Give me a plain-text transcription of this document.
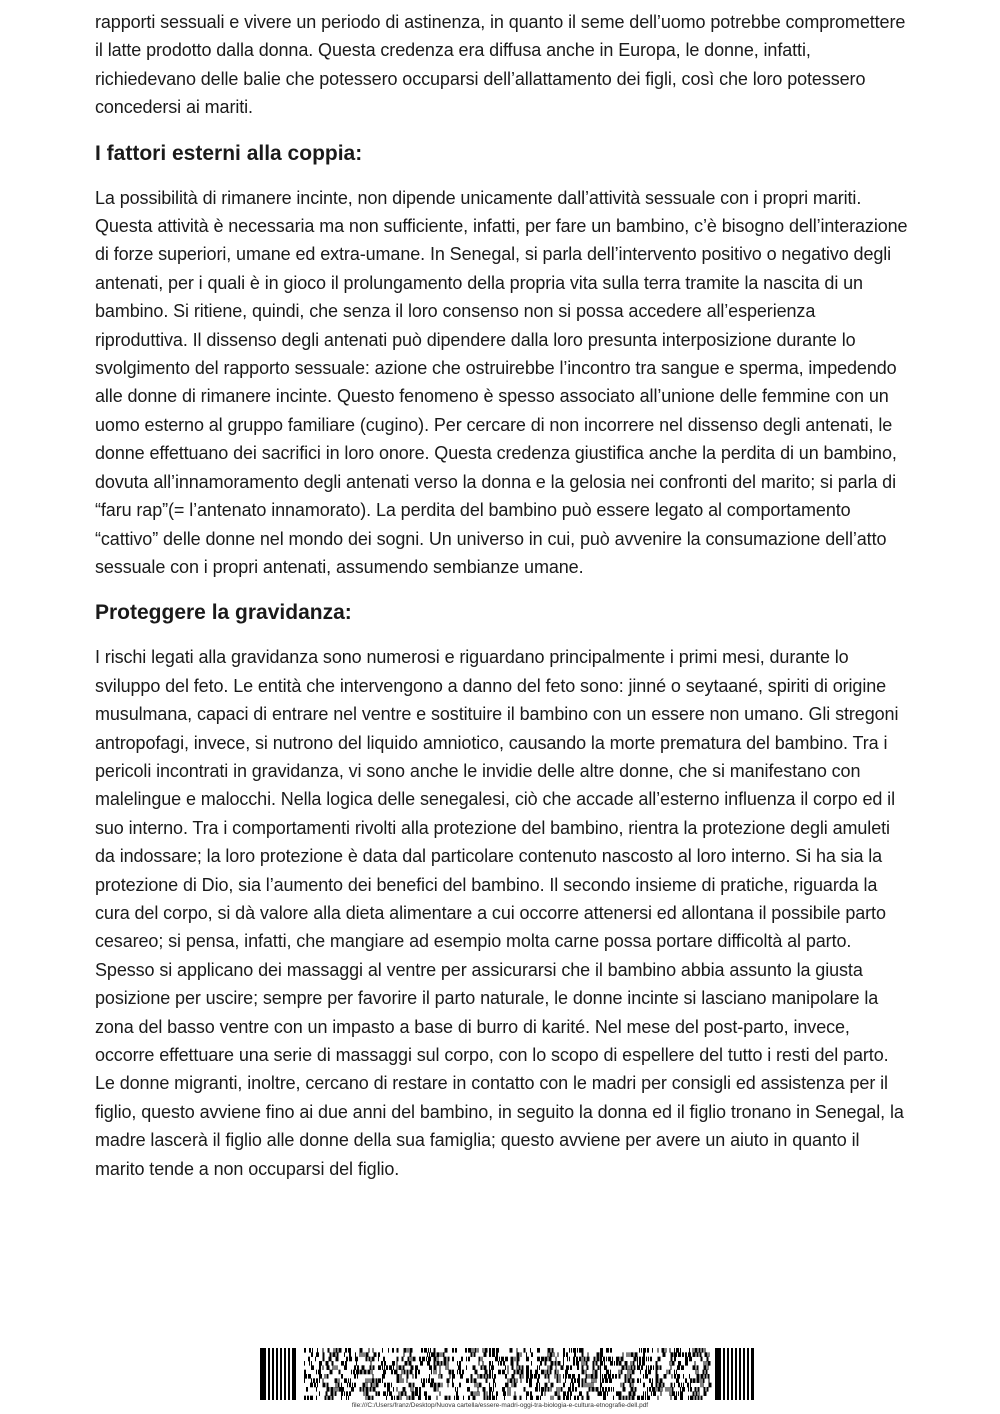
rapporti sessuali e vivere un periodo di astinenza, in quanto il seme dell’uomo potrebbe compromettere il latte prodotto dalla donna. Questa credenza era diffusa anche in Europa, le donne, infatti, richiedevano delle balie che potessero occuparsi dell’allattamento dei figli, così che loro potessero concedersi ai mariti.

I fattori esterni alla coppia:

La possibilità di rimanere incinte, non dipende unicamente dall’attività sessuale con i propri mariti. Questa attività è necessaria ma non sufficiente, infatti, per fare un bambino, c’è bisogno dell’interazione di forze superiori, umane ed extra-umane. In Senegal, si parla dell’intervento positivo o negativo degli antenati, per i quali è in gioco il prolungamento della propria vita sulla terra tramite la nascita di un bambino. Si ritiene, quindi, che senza il loro consenso non si possa accedere all’esperienza riproduttiva. Il dissenso degli antenati può dipendere dalla loro presunta interposizione durante lo svolgimento del rapporto sessuale: azione che ostruirebbe l’incontro tra sangue e sperma, impedendo alle donne di rimanere incinte. Questo fenomeno è spesso associato all’unione delle femmine con un uomo esterno al gruppo familiare (cugino). Per cercare di non incorrere nel dissenso degli antenati, le donne effettuano dei sacrifici in loro onore. Questa credenza giustifica anche la perdita di un bambino, dovuta all’innamoramento degli antenati verso la donna e la gelosia nei confronti del marito; si parla di “faru rap”(= l’antenato innamorato). La perdita del bambino può essere legato al comportamento “cattivo” delle donne nel mondo dei sogni. Un universo in cui, può avvenire la consumazione dell’atto sessuale con i propri antenati, assumendo sembianze umane.

Proteggere la gravidanza:

I rischi legati alla gravidanza sono numerosi e riguardano principalmente i primi mesi, durante lo sviluppo del feto. Le entità che intervengono a danno del feto sono: jinné o seytaané, spiriti di origine musulmana, capaci di entrare nel ventre e sostituire il bambino con un essere non umano. Gli stregoni antropofagi, invece, si nutrono del liquido amniotico, causando la morte prematura del bambino. Tra i pericoli incontrati in gravidanza, vi sono anche le invidie delle altre donne, che si manifestano con malelingue e malocchi. Nella logica delle senegalesi, ciò che accade all’esterno influenza il corpo ed il suo interno. Tra i comportamenti rivolti alla protezione del bambino, rientra la protezione degli amuleti da indossare; la loro protezione è data dal particolare contenuto nascosto al loro interno. Si ha sia la protezione di Dio, sia l’aumento dei benefici del bambino. Il secondo insieme di pratiche, riguarda la cura del corpo, si dà valore alla dieta alimentare a cui occorre attenersi ed allontana il possibile parto cesareo; si pensa, infatti, che mangiare ad esempio molta carne possa portare difficoltà al parto. Spesso si applicano dei massaggi al ventre per assicurarsi che il bambino abbia assunto la giusta posizione per uscire; sempre per favorire il parto naturale, le donne incinte si lasciano manipolare la zona del basso ventre con un impasto a base di burro di karité. Nel mese del post-parto, invece, occorre effettuare una serie di massaggi sul corpo, con lo scopo di espellere del tutto i resti del parto. Le donne migranti, inoltre, cercano di restare in contatto con le madri per consigli ed assistenza per il figlio, questo avviene fino ai due anni del bambino, in seguito la donna ed il figlio tronano in Senegal, la madre lascerà il figlio alle donne della sua famiglia; questo avviene per avere un aiuto in quanto il marito tende a non occuparsi del figlio.

file:///C:/Users/franz/Desktop/Nuova cartella/essere-madri-oggi-tra-biologia-e-cultura-etnografie-dell.pdf
